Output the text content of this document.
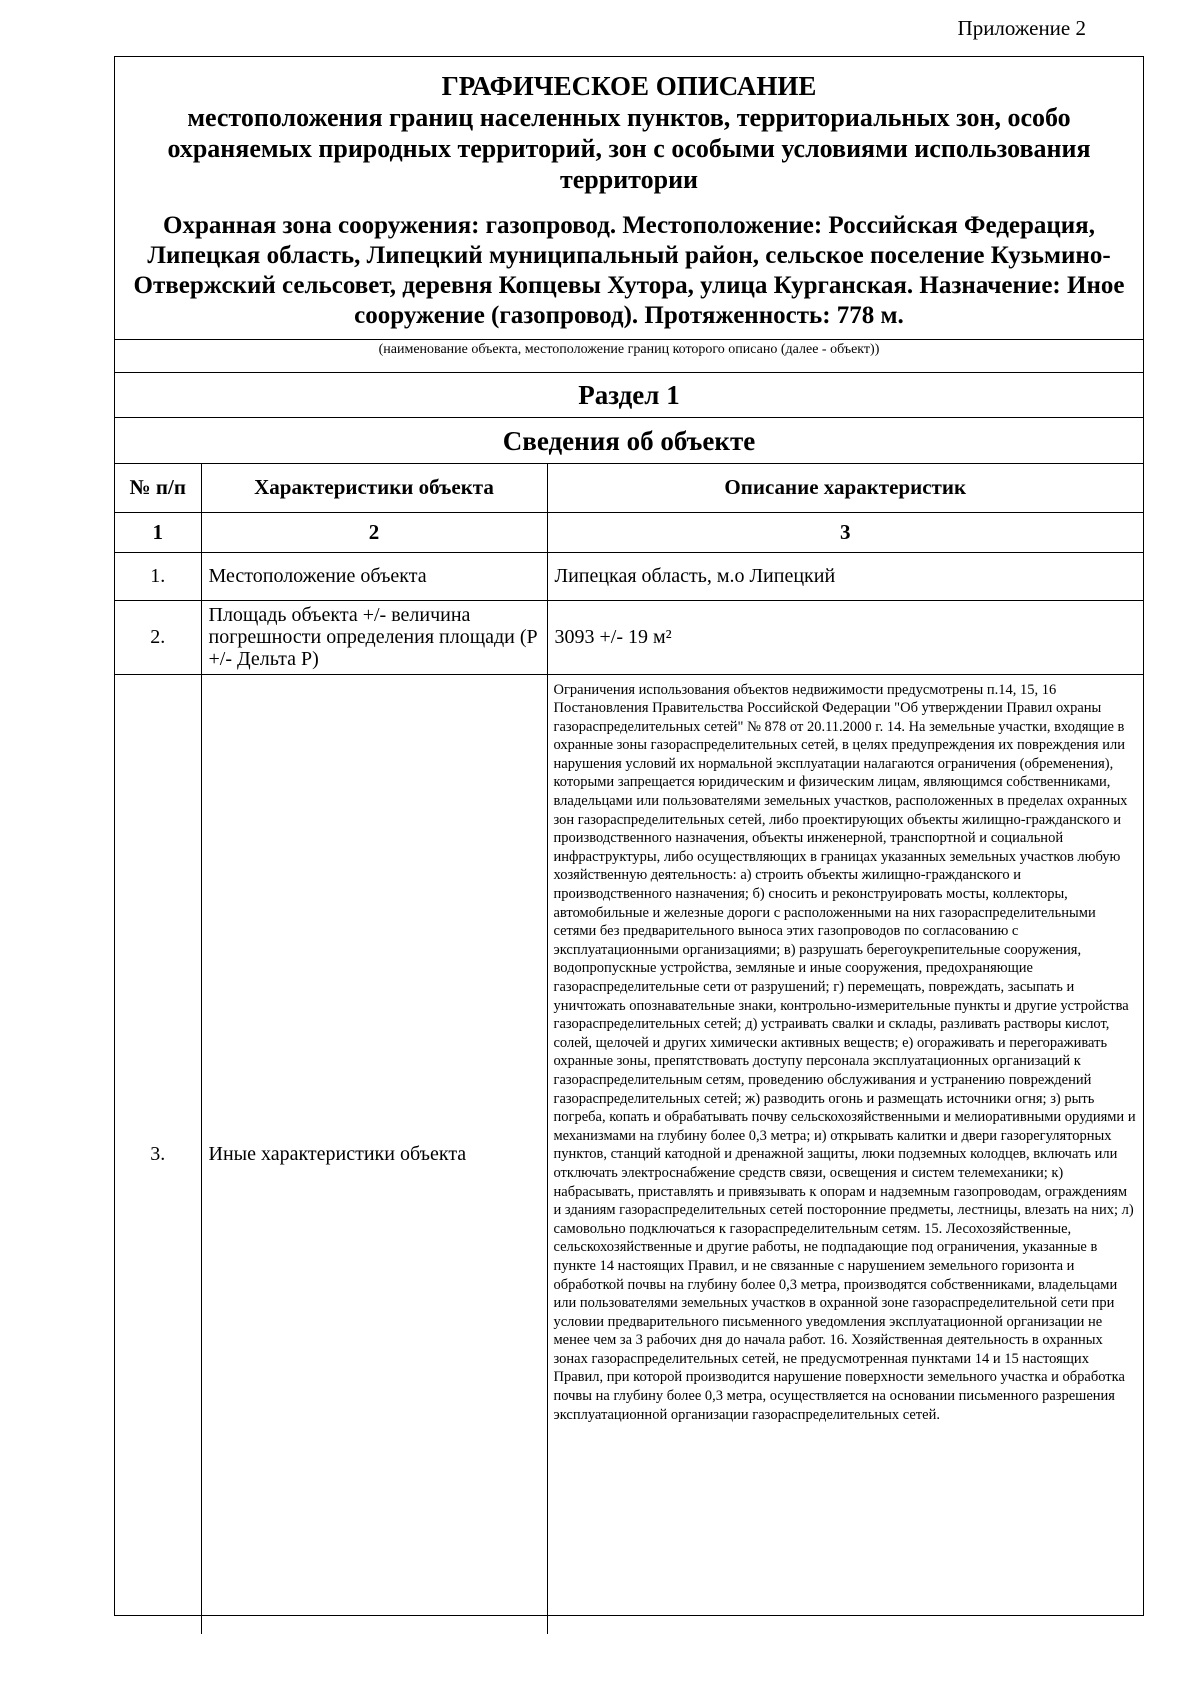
Приложение 2
ГРАФИЧЕСКОЕ ОПИСАНИЕ
местоположения границ населенных пунктов, территориальных зон, особо охраняемых природных территорий, зон с особыми условиями использования территории
Охранная зона сооружения: газопровод. Местоположение: Российская Федерация, Липецкая область, Липецкий муниципальный район, сельское поселение Кузьмино-Отвержский сельсовет, деревня Копцевы Хутора, улица Курганская. Назначение: Иное сооружение (газопровод). Протяженность: 778 м.
(наименование объекта, местоположение границ которого описано (далее - объект))
Раздел 1
Сведения об объекте
№ п/п	Характеристики объекта	Описание характеристик
1	2	3
1.	Местоположение объекта	Липецкая область, м.о Липецкий
2.	Площадь объекта +/- величина погрешности определения площади (Р +/- Дельта Р)	3093 +/- 19 м²
3.	Иные характеристики объекта	Ограничения использования объектов недвижимости предусмотрены п.14, 15, 16 Постановления Правительства Российской Федерации "Об утверждении Правил охраны газораспределительных сетей" № 878 от 20.11.2000 г. 14. На земельные участки, входящие в охранные зоны газораспределительных сетей, в целях предупреждения их повреждения или нарушения условий их нормальной эксплуатации налагаются ограничения (обременения), которыми запрещается юридическим и физическим лицам, являющимся собственниками, владельцами или пользователями земельных участков, расположенных в пределах охранных зон газораспределительных сетей, либо проектирующих объекты жилищно-гражданского и производственного назначения, объекты инженерной, транспортной и социальной инфраструктуры, либо осуществляющих в границах указанных земельных участков любую хозяйственную деятельность: а) строить объекты жилищно-гражданского и производственного назначения; б) сносить и реконструировать мосты, коллекторы, автомобильные и железные дороги с расположенными на них газораспределительными сетями без предварительного выноса этих газопроводов по согласованию с эксплуатационными организациями; в) разрушать берегоукрепительные сооружения, водопропускные устройства, земляные и иные сооружения, предохраняющие газораспределительные сети от разрушений; г) перемещать, повреждать, засыпать и уничтожать опознавательные знаки, контрольно-измерительные пункты и другие устройства газораспределительных сетей; д) устраивать свалки и склады, разливать растворы кислот, солей, щелочей и других химически активных веществ; е) огораживать и перегораживать охранные зоны, препятствовать доступу персонала эксплуатационных организаций к газораспределительным сетям, проведению обслуживания и устранению повреждений газораспределительных сетей; ж) разводить огонь и размещать источники огня; з) рыть погреба, копать и обрабатывать почву сельскохозяйственными и мелиоративными орудиями и механизмами на глубину более 0,3 метра; и) открывать калитки и двери газорегуляторных пунктов, станций катодной и дренажной защиты, люки подземных колодцев, включать или отключать электроснабжение средств связи, освещения и систем телемеханики; к) набрасывать, приставлять и привязывать к опорам и надземным газопроводам, ограждениям и зданиям газораспределительных сетей посторонние предметы, лестницы, влезать на них; л) самовольно подключаться к газораспределительным сетям. 15. Лесохозяйственные, сельскохозяйственные и другие работы, не подпадающие под ограничения, указанные в пункте 14 настоящих Правил, и не связанные с нарушением земельного горизонта и обработкой почвы на глубину более 0,3 метра, производятся собственниками, владельцами или пользователями земельных участков в охранной зоне газораспределительной сети при условии предварительного письменного уведомления эксплуатационной организации не менее чем за 3 рабочих дня до начала работ. 16. Хозяйственная деятельность в охранных зонах газораспределительных сетей, не предусмотренная пунктами 14 и 15 настоящих Правил, при которой производится нарушение поверхности земельного участка и обработка почвы на глубину более 0,3 метра, осуществляется на основании письменного разрешения эксплуатационной организации газораспределительных сетей.
